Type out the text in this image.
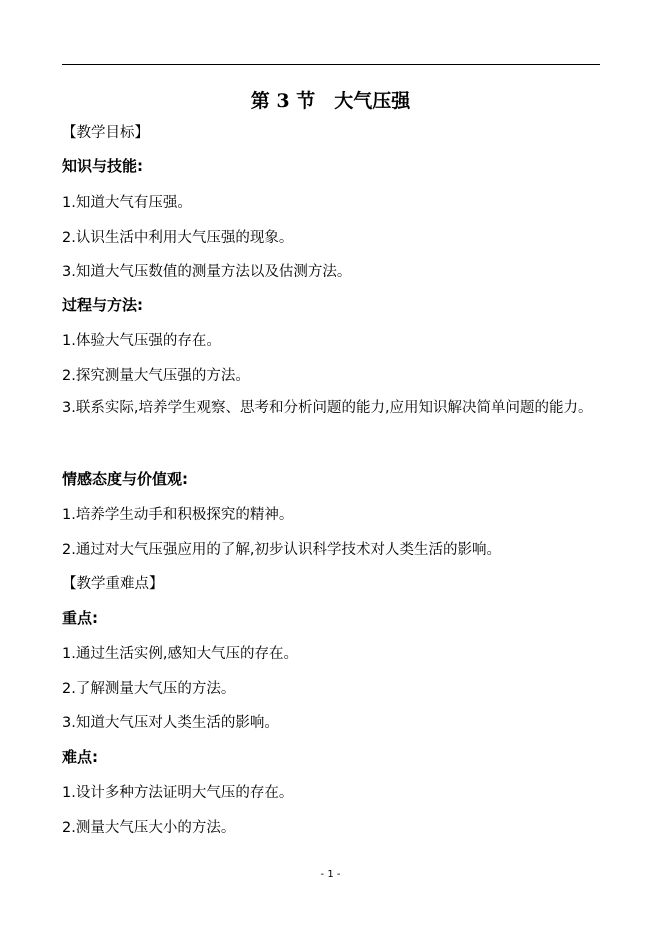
第 3 节　大气压强
【教学目标】
知识与技能:
1.知道大气有压强。
2.认识生活中利用大气压强的现象。
3.知道大气压数值的测量方法以及估测方法。
过程与方法:
1.体验大气压强的存在。
2.探究测量大气压强的方法。
3.联系实际,培养学生观察、思考和分析问题的能力,应用知识解决简单问题的能力。
情感态度与价值观:
1.培养学生动手和积极探究的精神。
2.通过对大气压强应用的了解,初步认识科学技术对人类生活的影响。
【教学重难点】
重点:
1.通过生活实例,感知大气压的存在。
2.了解测量大气压的方法。
3.知道大气压对人类生活的影响。
难点:
1.设计多种方法证明大气压的存在。
2.测量大气压大小的方法。
- 1 -
